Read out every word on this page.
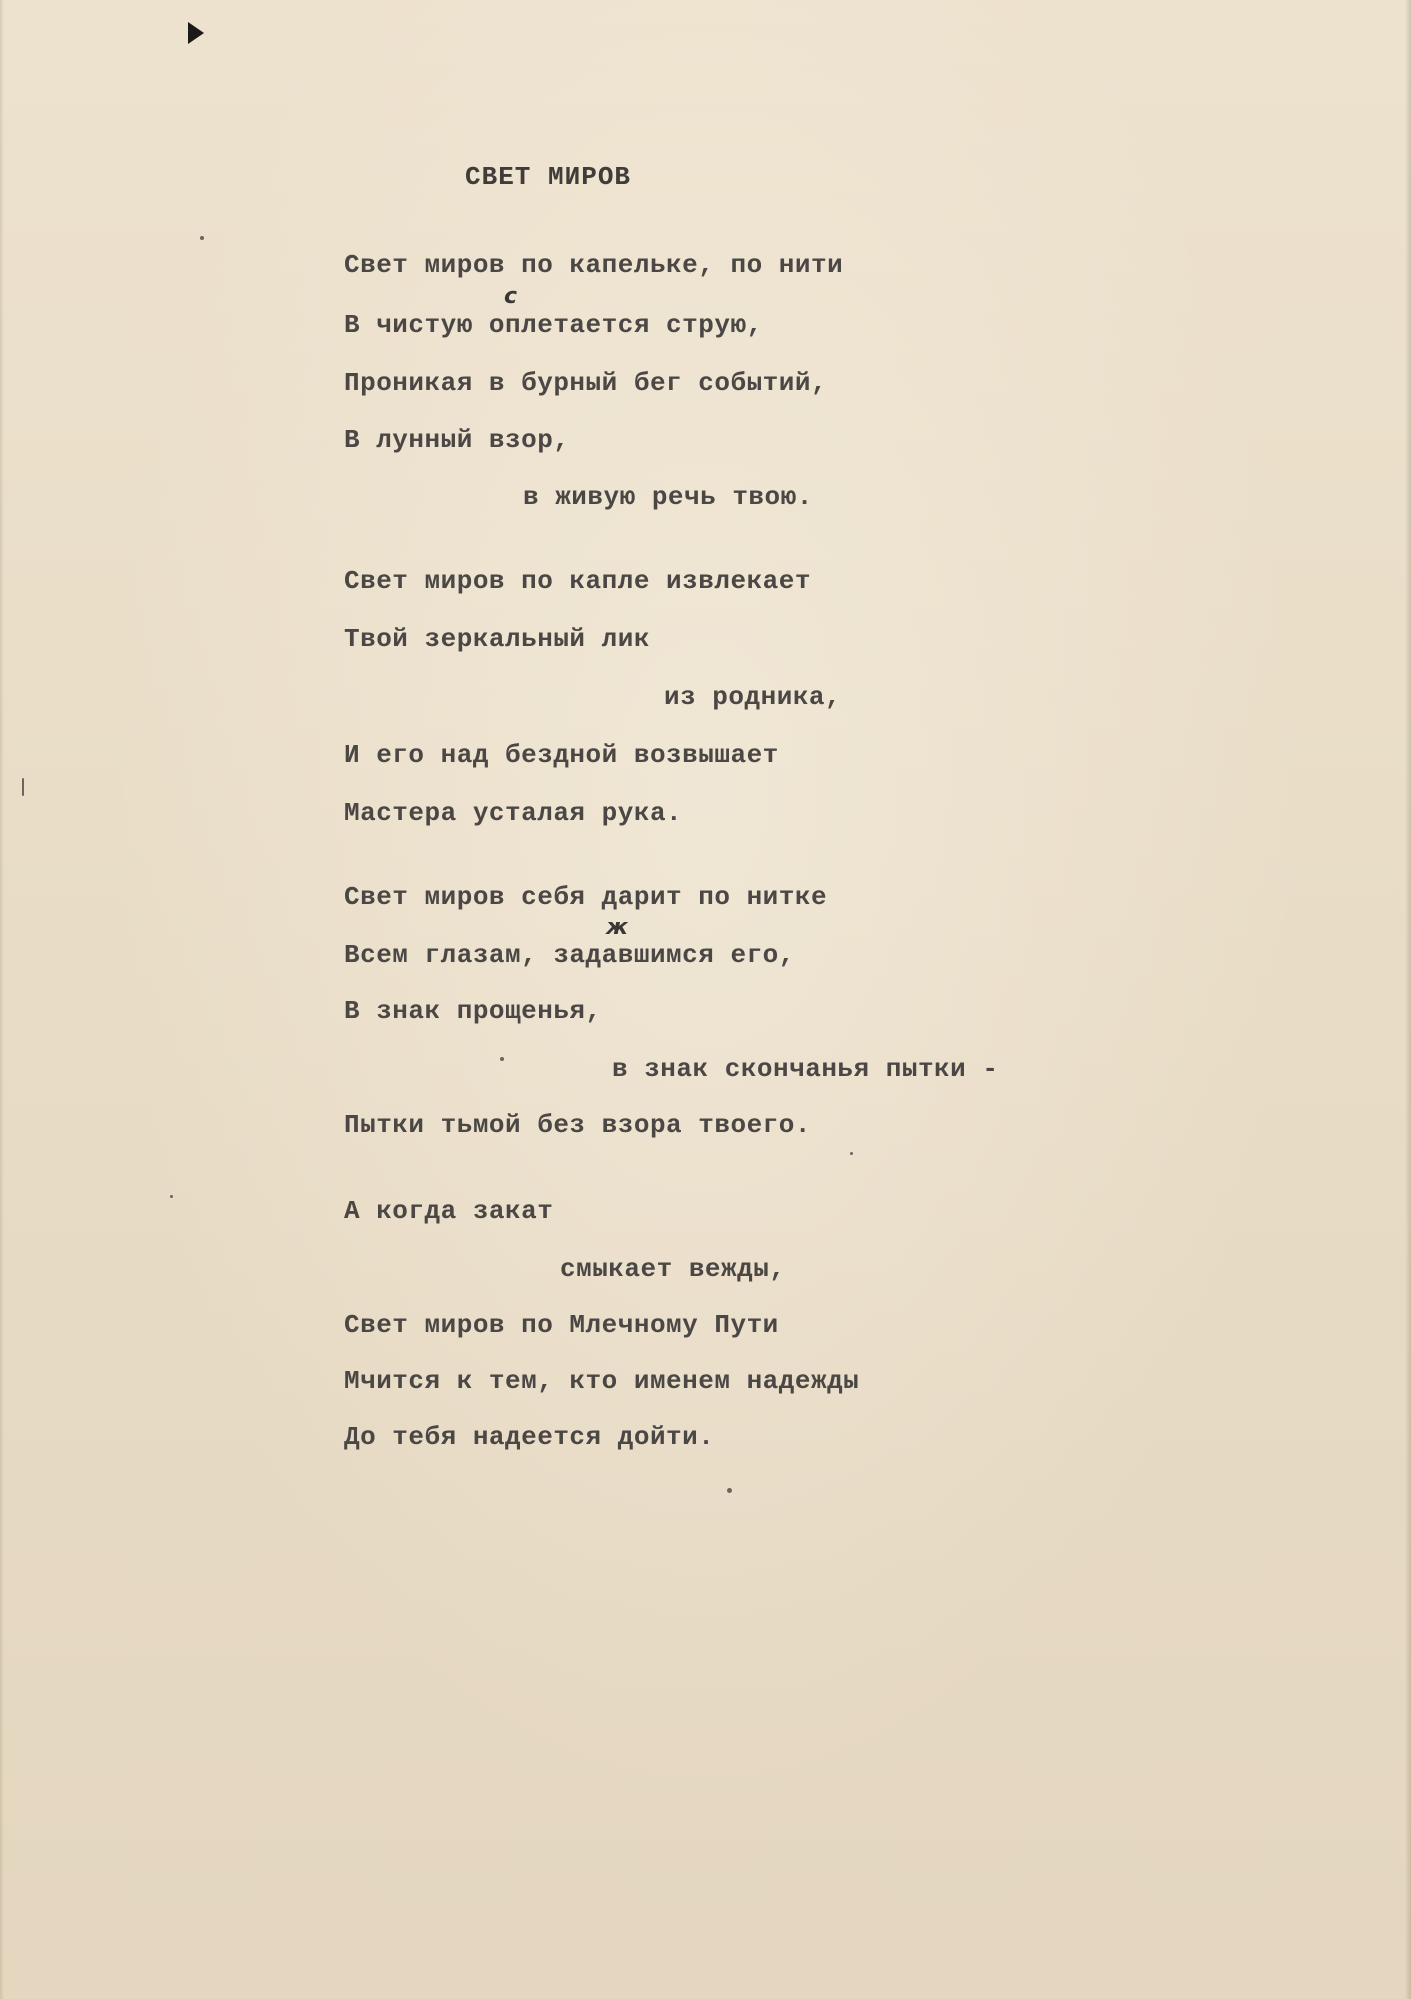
СВЕТ МИРОВ
Свет миров по капельке, по нити
В чистую оплетается струю,
с
Проникая в бурный бег событий,
В лунный взор,
в живую речь твою.
Свет миров по капле извлекает
Твой зеркальный лик
из родника,
И его над бездной возвышает
Мастера усталая рука.
Свет миров себя дарит по нитке
Всем глазам, задавшимся его,
ж
В знак прощенья,
в знак скончанья пытки -
Пытки тьмой без взора твоего.
А когда закат
смыкает вежды,
Свет миров по Млечному Пути
Мчится к тем, кто именем надежды
До тебя надеется дойти.
